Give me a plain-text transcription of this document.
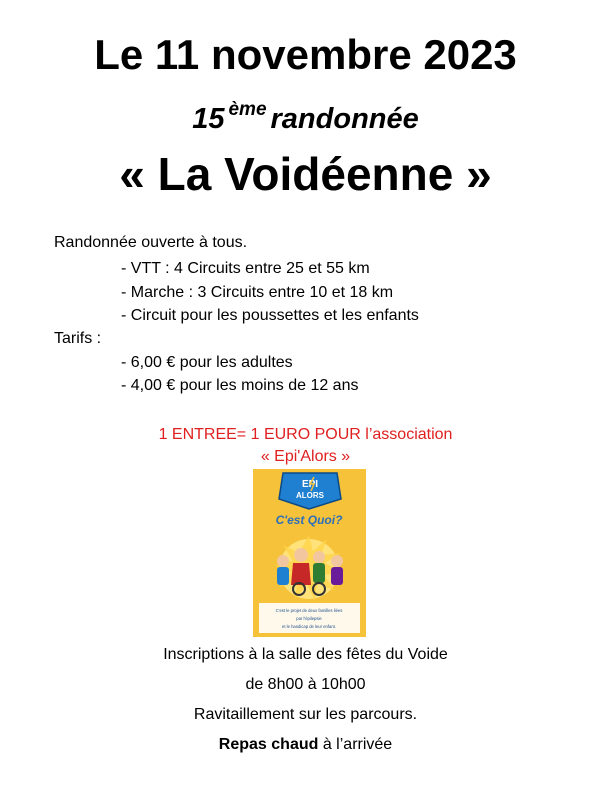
Le 11 novembre 2023
15 $^{ème}$ randonnée
« La Voidéenne »
Randonnée ouverte à tous.
- VTT : 4 Circuits entre 25 et 55 km
- Marche : 3 Circuits entre 10 et 18 km
- Circuit pour les poussettes et les enfants
Tarifs :
- 6,00 € pour les adultes
- 4,00 € pour les moins de 12 ans
1 ENTREE= 1 EURO POUR l’association
« Epi'Alors »
EPI
ALORS
C'est Quoi?
C'est le projet de deux familles liées
par l'épilepsie
et le handicap de leur enfant.
Inscriptions à la salle des fêtes du Voide
de 8h00 à 10h00
Ravitaillement sur les parcours.
Repas chaud à l’arrivée
